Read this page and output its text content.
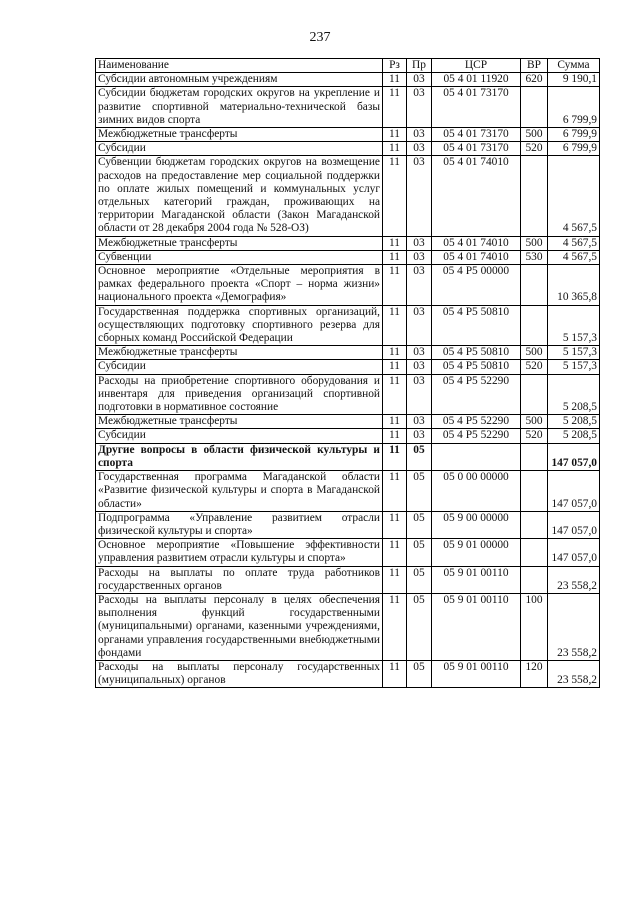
237
Наименование	Рз	Пр	ЦСР	ВР	Сумма
Субсидии автономным учреждениям	11	03	05 4 01 11920	620	9 190,1
Субсидии бюджетам городских округов на укрепление и развитие спортивной материально-технической базы зимних видов спорта	11	03	05 4 01 73170		6 799,9
Межбюджетные трансферты	11	03	05 4 01 73170	500	6 799,9
Субсидии	11	03	05 4 01 73170	520	6 799,9
Субвенции бюджетам городских округов на возмещение расходов на предоставление мер социальной поддержки по оплате жилых помещений и коммунальных услуг отдельных категорий граждан, проживающих на территории Магаданской области (Закон Магаданской области от 28 декабря 2004 года № 528-ОЗ)	11	03	05 4 01 74010		4 567,5
Межбюджетные трансферты	11	03	05 4 01 74010	500	4 567,5
Субвенции	11	03	05 4 01 74010	530	4 567,5
Основное мероприятие «Отдельные мероприятия в рамках федерального проекта «Спорт – норма жизни» национального проекта «Демография»	11	03	05 4 P5 00000		10 365,8
Государственная поддержка спортивных организаций, осуществляющих подготовку спортивного резерва для сборных команд Российской Федерации	11	03	05 4 P5 50810		5 157,3
Межбюджетные трансферты	11	03	05 4 P5 50810	500	5 157,3
Субсидии	11	03	05 4 P5 50810	520	5 157,3
Расходы на приобретение спортивного оборудования и инвентаря для приведения организаций спортивной подготовки в нормативное состояние	11	03	05 4 P5 52290		5 208,5
Межбюджетные трансферты	11	03	05 4 P5 52290	500	5 208,5
Субсидии	11	03	05 4 P5 52290	520	5 208,5
Другие вопросы в области физической культуры и спорта	11	05			147 057,0
Государственная программа Магаданской области «Развитие физической культуры и спорта в Магаданской области»	11	05	05 0 00 00000		147 057,0
Подпрограмма «Управление развитием отрасли физической культуры и спорта»	11	05	05 9 00 00000		147 057,0
Основное мероприятие «Повышение эффективности управления развитием отрасли культуры и спорта»	11	05	05 9 01 00000		147 057,0
Расходы на выплаты по оплате труда работников государственных органов	11	05	05 9 01 00110		23 558,2
Расходы на выплаты персоналу в целях обеспечения выполнения функций государственными (муниципальными) органами, казенными учреждениями, органами управления государственными внебюджетными фондами	11	05	05 9 01 00110	100	23 558,2
Расходы на выплаты персоналу государственных (муниципальных) органов	11	05	05 9 01 00110	120	23 558,2
